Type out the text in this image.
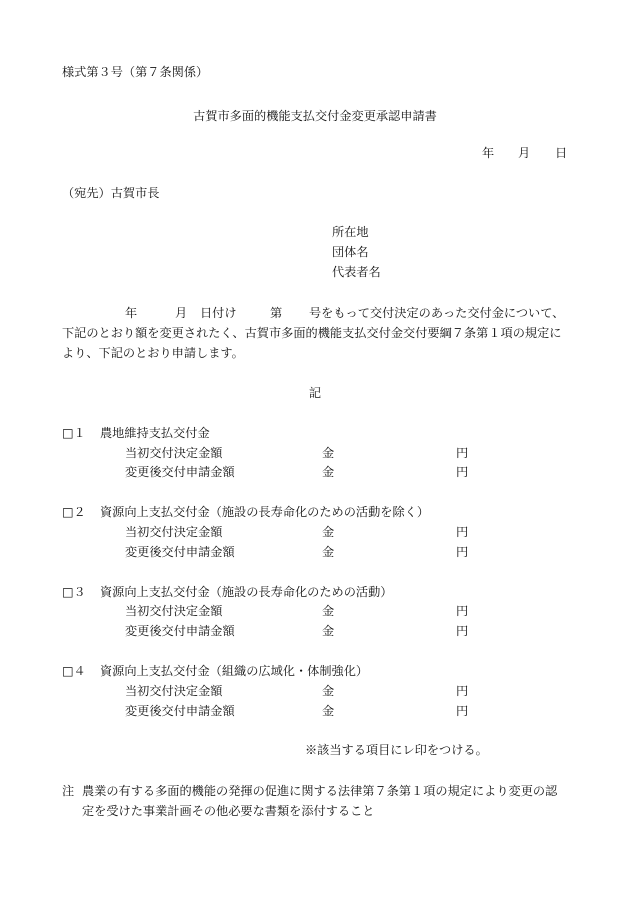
様式第３号（第７条関係）
古賀市多面的機能支払交付金変更承認申請書
年 月 日
（宛先）古賀市長
所在地
団体名
代表者名
年	月 日付け	第 号をもって交付決定のあった交付金について、
下記のとおり額を変更されたく、古賀市多面的機能支払交付金交付要綱７条第１項の規定に
より、下記のとおり申請します。
記
□１ 農地維持支払交付金
当初交付決定金額	金	円
変更後交付申請金額	金	円
□２ 資源向上支払交付金（施設の長寿命化のための活動を除く）
当初交付決定金額	金	円
変更後交付申請金額	金	円
□３ 資源向上支払交付金（施設の長寿命化のための活動）
当初交付決定金額	金	円
変更後交付申請金額	金	円
□４ 資源向上支払交付金（組織の広域化・体制強化）
当初交付決定金額	金	円
変更後交付申請金額	金	円
※該当する項目にレ印をつける。
注 農業の有する多面的機能の発揮の促進に関する法律第７条第１項の規定により変更の認
定を受けた事業計画その他必要な書類を添付すること
